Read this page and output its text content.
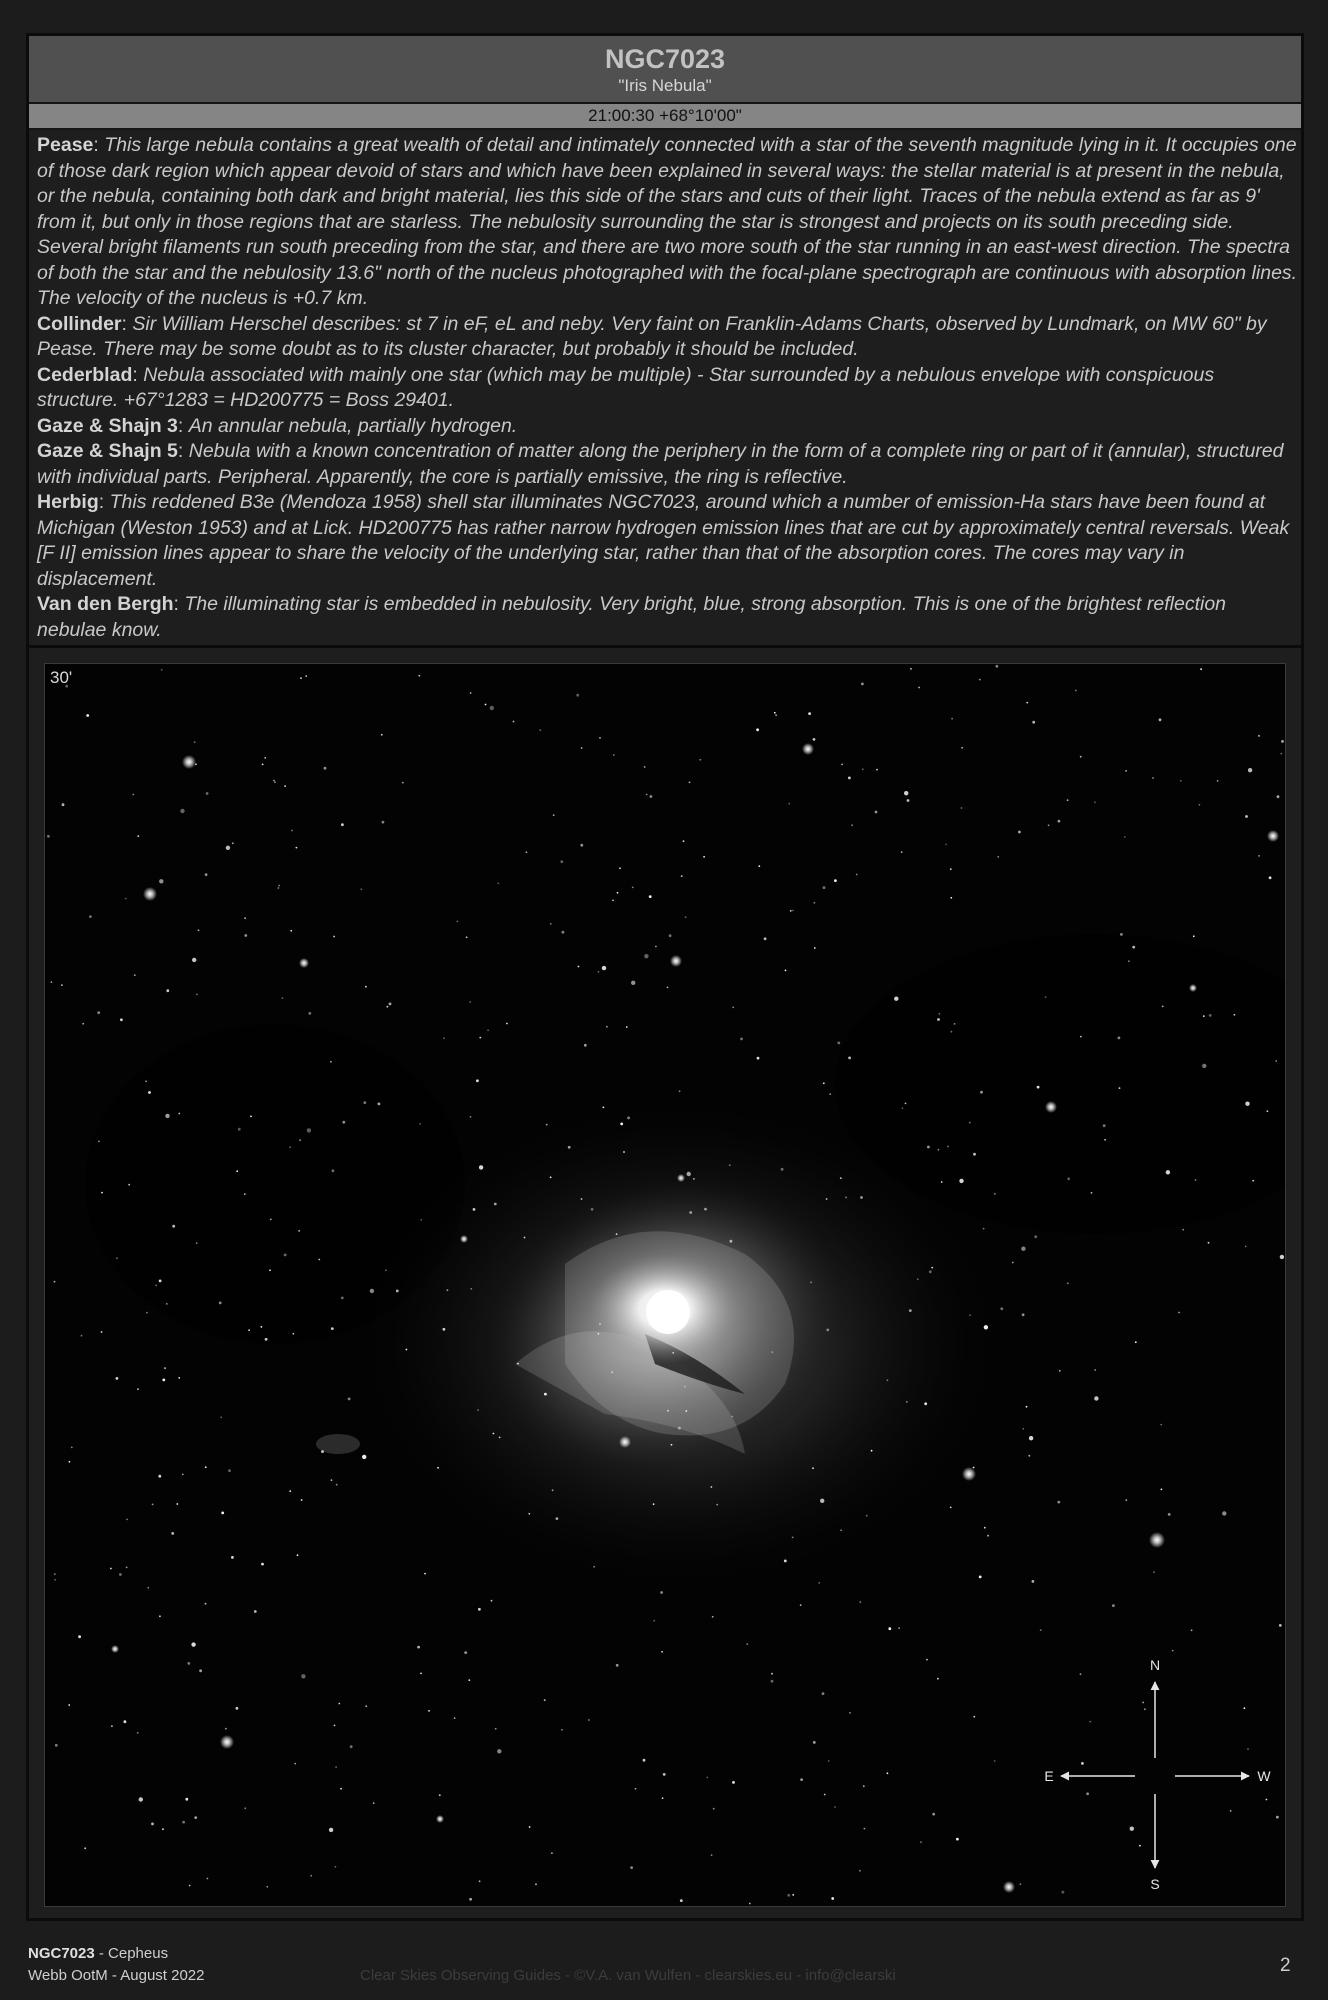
NGC7023
"Iris Nebula"
21:00:30 +68°10'00"

Pease: This large nebula contains a great wealth of detail and intimately connected with a star of the seventh magnitude lying in it. It occupies one of those dark region which appear devoid of stars and which have been explained in several ways: the stellar material is at present in the nebula, or the nebula, containing both dark and bright material, lies this side of the stars and cuts of their light. Traces of the nebula extend as far as 9' from it, but only in those regions that are starless. The nebulosity surrounding the star is strongest and projects on its south preceding side. Several bright filaments run south preceding from the star, and there are two more south of the star running in an east-west direction. The spectra of both the star and the nebulosity 13.6" north of the nucleus photographed with the focal-plane spectrograph are continuous with absorption lines. The velocity of the nucleus is +0.7 km.

Collinder: Sir William Herschel describes: st 7 in eF, eL and neby. Very faint on Franklin-Adams Charts, observed by Lundmark, on MW 60" by Pease. There may be some doubt as to its cluster character, but probably it should be included.

Cederblad: Nebula associated with mainly one star (which may be multiple) - Star surrounded by a nebulous envelope with conspicuous structure. +67°1283 = HD200775 = Boss 29401.

Gaze & Shajn 3: An annular nebula, partially hydrogen.

Gaze & Shajn 5: Nebula with a known concentration of matter along the periphery in the form of a complete ring or part of it (annular), structured with individual parts. Peripheral. Apparently, the core is partially emissive, the ring is reflective.

Herbig: This reddened B3e (Mendoza 1958) shell star illuminates NGC7023, around which a number of emission-Ha stars have been found at Michigan (Weston 1953) and at Lick. HD200775 has rather narrow hydrogen emission lines that are cut by approximately central reversals. Weak [F II] emission lines appear to share the velocity of the underlying star, rather than that of the absorption cores. The cores may vary in displacement.

Van den Bergh: The illuminating star is embedded in nebulosity. Very bright, blue, strong absorption. This is one of the brightest reflection nebulae know.

N
S
E	W
30'
NGC7023 - Cepheus
Webb OotM - August 2022	Clear Skies Observing Guides - ©V.A. van Wulfen - clearskies.eu - info@clearski	2
